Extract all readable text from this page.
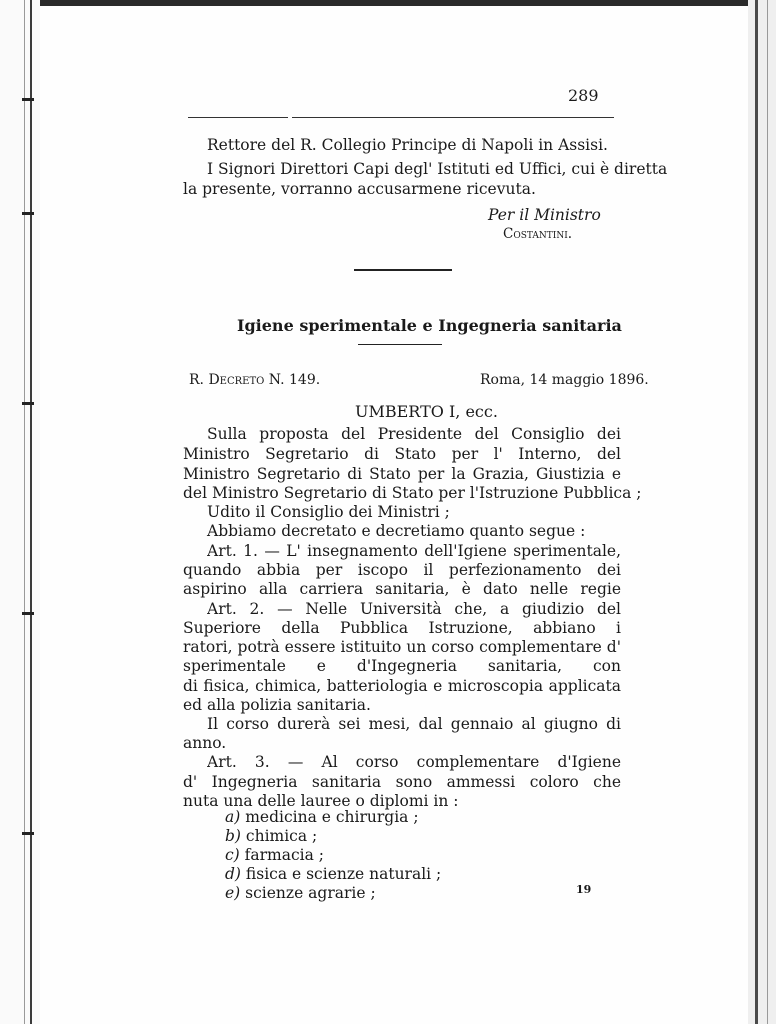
289
Rettore del R. Collegio Principe di Napoli in Assisi.
I Signori Direttori Capi degl' Istituti ed Uffici, cui è diretta
la presente, vorranno accusarmene ricevuta.
Per il Ministro
Costantini.
Igiene sperimentale e Ingegneria sanitaria
R. Decreto N. 149.	Roma, 14 maggio 1896.
UMBERTO I, ecc.
Sulla proposta del Presidente del Consiglio dei
Ministro Segretario di Stato per l' Interno, del
Ministro Segretario di Stato per la Grazia, Giustizia e
del Ministro Segretario di Stato per l'Istruzione Pubblica ;
Udito il Consiglio dei Ministri ;
Abbiamo decretato e decretiamo quanto segue :
Art. 1. — L' insegnamento dell'Igiene sperimentale,
quando abbia per iscopo il perfezionamento dei
aspirino alla carriera sanitaria, è dato nelle regie
Art. 2. — Nelle Università che, a giudizio del
Superiore della Pubblica Istruzione, abbiano i
ratori, potrà essere istituito un corso complementare d'
sperimentale e d'Ingegneria sanitaria, con
di fisica, chimica, batteriologia e microscopia applicata
ed alla polizia sanitaria.
Il corso durerà sei mesi, dal gennaio al giugno di
anno.
Art. 3. — Al corso complementare d'Igiene
d' Ingegneria sanitaria sono ammessi coloro che
nuta una delle lauree o diplomi in :
a) medicina e chirurgia ;
b) chimica ;
c) farmacia ;
d) fisica e scienze naturali ;
e) scienze agrarie ;	19
